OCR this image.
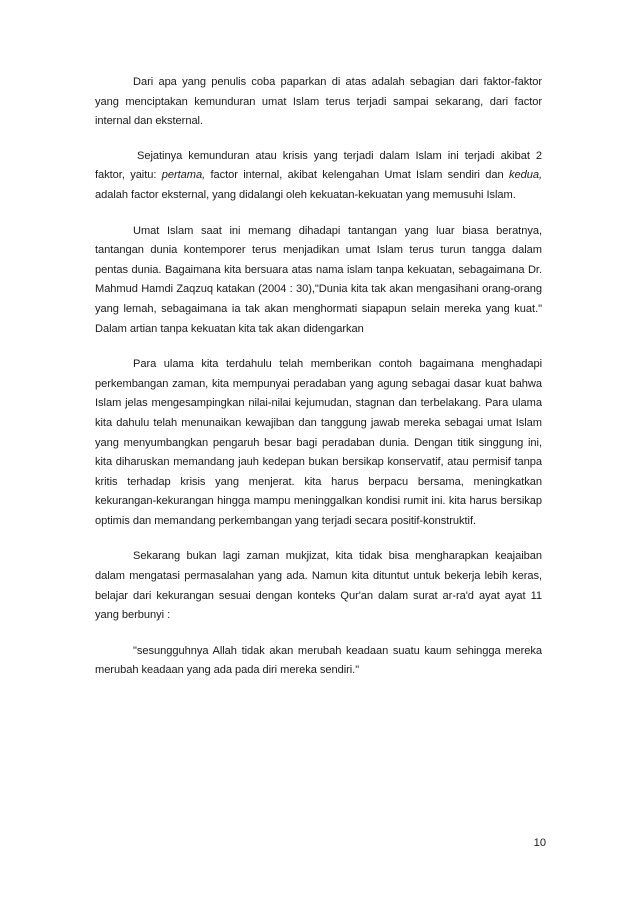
Dari apa yang penulis coba paparkan di atas adalah sebagian dari faktor-faktor yang menciptakan kemunduran umat Islam terus terjadi sampai sekarang, dari factor internal dan eksternal.

Sejatinya kemunduran atau krisis yang terjadi dalam Islam ini terjadi akibat 2 faktor, yaitu: pertama, factor internal, akibat kelengahan Umat Islam sendiri dan kedua, adalah factor eksternal, yang didalangi oleh kekuatan-kekuatan yang memusuhi Islam.

Umat Islam saat ini memang dihadapi tantangan yang luar biasa beratnya, tantangan dunia kontemporer terus menjadikan umat Islam terus turun tangga dalam pentas dunia. Bagaimana kita bersuara atas nama islam tanpa kekuatan, sebagaimana Dr. Mahmud Hamdi Zaqzuq katakan (2004 : 30),"Dunia kita tak akan mengasihani orang-orang yang lemah, sebagaimana ia tak akan menghormati siapapun selain mereka yang kuat." Dalam artian tanpa kekuatan kita tak akan didengarkan

Para ulama kita terdahulu telah memberikan contoh bagaimana menghadapi perkembangan zaman, kita mempunyai peradaban yang agung sebagai dasar kuat bahwa Islam jelas mengesampingkan nilai-nilai kejumudan, stagnan dan terbelakang. Para ulama kita dahulu telah menunaikan kewajiban dan tanggung jawab mereka sebagai umat Islam yang menyumbangkan pengaruh besar bagi peradaban dunia. Dengan titik singgung ini, kita diharuskan memandang jauh kedepan bukan bersikap konservatif, atau permisif tanpa kritis terhadap krisis yang menjerat. kita harus berpacu bersama, meningkatkan kekurangan-kekurangan hingga mampu meninggalkan kondisi rumit ini. kita harus bersikap optimis dan memandang perkembangan yang terjadi secara positif-konstruktif.

Sekarang bukan lagi zaman mukjizat, kita tidak bisa mengharapkan keajaiban dalam mengatasi permasalahan yang ada. Namun kita dituntut untuk bekerja lebih keras, belajar dari kekurangan sesuai dengan konteks Qur'an dalam surat ar-ra'd ayat ayat 11 yang berbunyi :

"sesungguhnya Allah tidak akan merubah keadaan suatu kaum sehingga mereka merubah keadaan yang ada pada diri mereka sendiri."

10
